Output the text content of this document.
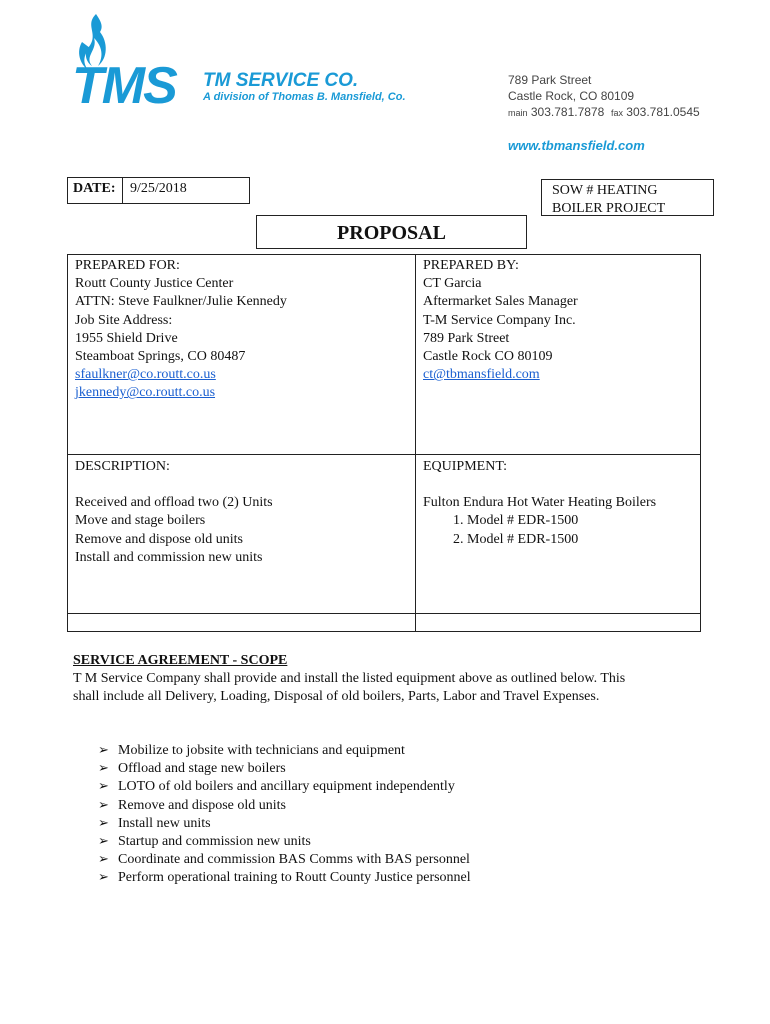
TMS TM SERVICE CO.
A division of Thomas B. Mansfield, Co.
789 Park Street
Castle Rock, CO 80109
main 303.781.7878 fax 303.781.0545
www.tbmansfield.com
DATE:	9/25/2018	SOW # HEATING
BOILER PROJECT
PROPOSAL
PREPARED FOR:
Routt County Justice Center
ATTN: Steve Faulkner/Julie Kennedy
Job Site Address:
1955 Shield Drive
Steamboat Springs, CO 80487
sfaulkner@co.routt.co.us
jkennedy@co.routt.co.us
PREPARED BY:
CT Garcia
Aftermarket Sales Manager
T-M Service Company Inc.
789 Park Street
Castle Rock CO 80109
ct@tbmansfield.com
DESCRIPTION:
Received and offload two (2) Units
Move and stage boilers
Remove and dispose old units
Install and commission new units
EQUIPMENT:
Fulton Endura Hot Water Heating Boilers
1. Model # EDR-1500
2. Model # EDR-1500
SERVICE AGREEMENT - SCOPE
T M Service Company shall provide and install the listed equipment above as outlined below. This
shall include all Delivery, Loading, Disposal of old boilers, Parts, Labor and Travel Expenses.
➢ Mobilize to jobsite with technicians and equipment
➢ Offload and stage new boilers
➢ LOTO of old boilers and ancillary equipment independently
➢ Remove and dispose old units
➢ Install new units
➢ Startup and commission new units
➢ Coordinate and commission BAS Comms with BAS personnel
➢ Perform operational training to Routt County Justice personnel
